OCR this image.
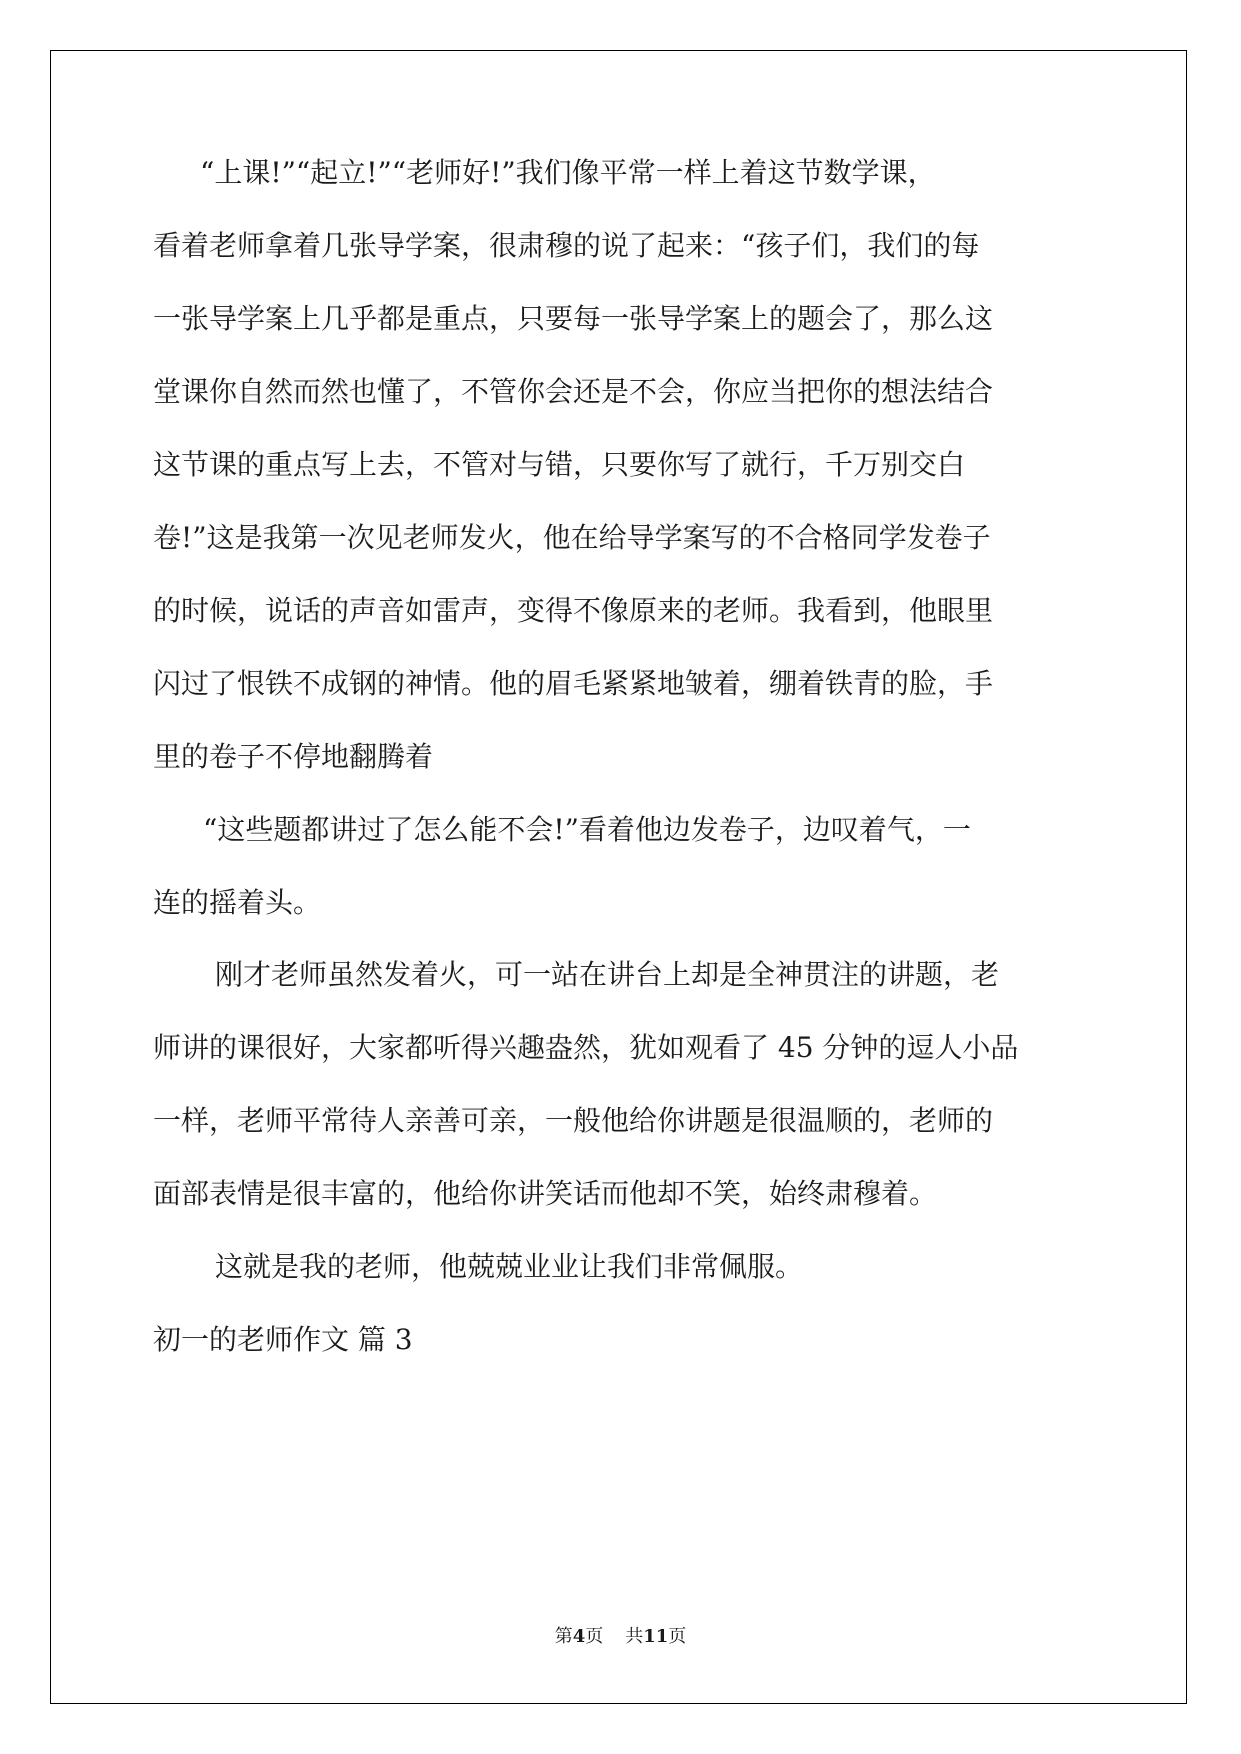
“上课!”“起立!”“老师好!”我们像平常一样上着这节数学课，

看着老师拿着几张导学案，很肃穆的说了起来：“孩子们，我们的每

一张导学案上几乎都是重点，只要每一张导学案上的题会了，那么这

堂课你自然而然也懂了，不管你会还是不会，你应当把你的想法结合

这节课的重点写上去，不管对与错，只要你写了就行，千万别交白

卷!”这是我第一次见老师发火，他在给导学案写的不合格同学发卷子

的时候，说话的声音如雷声，变得不像原来的老师。我看到，他眼里

闪过了恨铁不成钢的神情。他的眉毛紧紧地皱着，绷着铁青的脸，手

里的卷子不停地翻腾着

“这些题都讲过了怎么能不会!”看着他边发卷子，边叹着气，一

连的摇着头。

刚才老师虽然发着火，可一站在讲台上却是全神贯注的讲题，老

师讲的课很好，大家都听得兴趣盎然，犹如观看了 45 分钟的逗人小品

一样，老师平常待人亲善可亲，一般他给你讲题是很温顺的，老师的

面部表情是很丰富的，他给你讲笑话而他却不笑，始终肃穆着。

这就是我的老师，他兢兢业业让我们非常佩服。

初一的老师作文 篇 3

第4页 共11页
